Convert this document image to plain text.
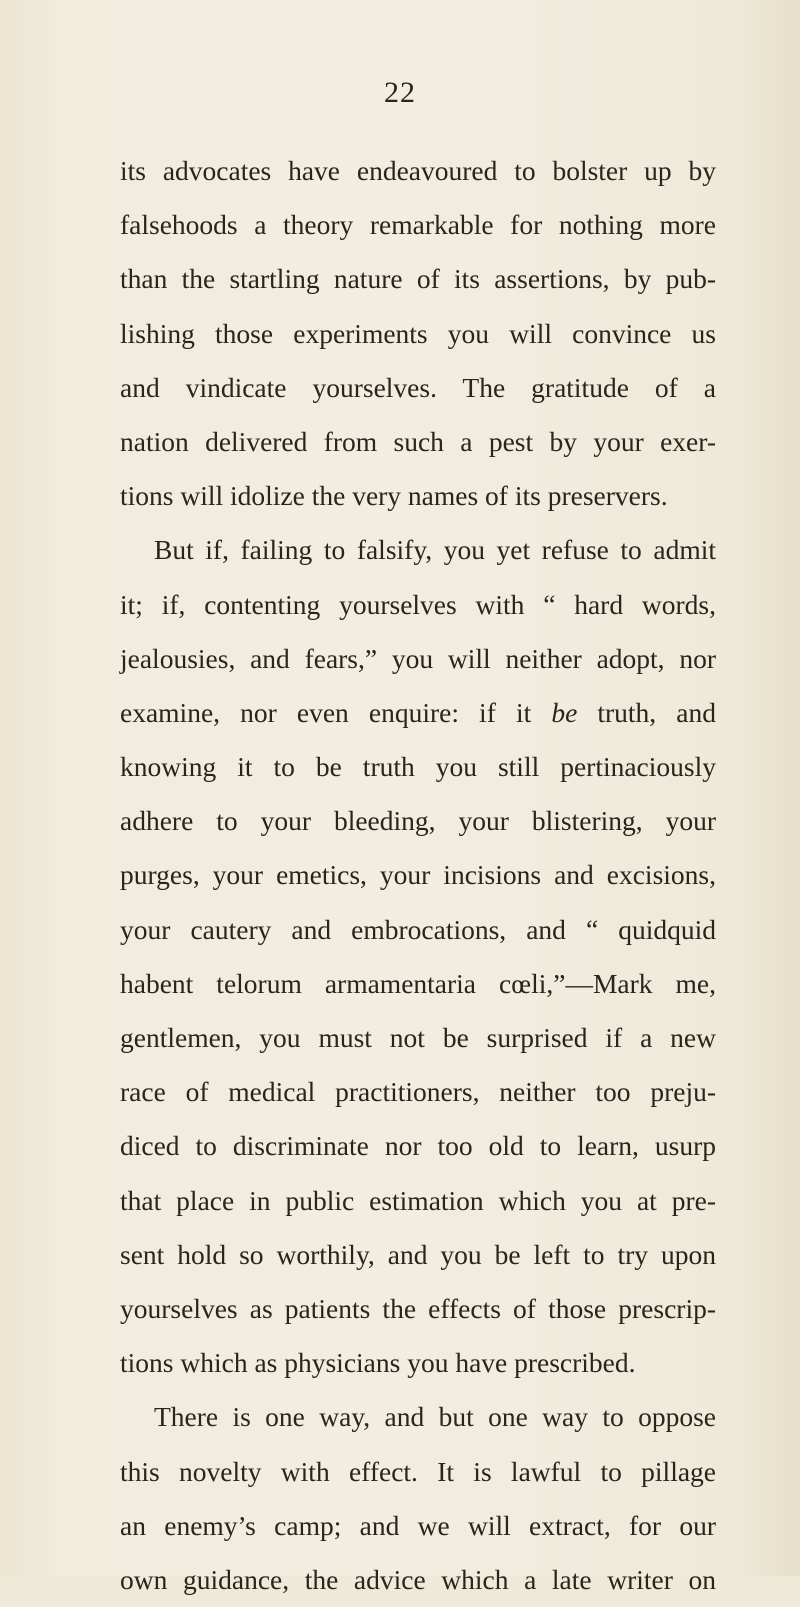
22
its advocates have endeavoured to bolster up by
falsehoods a theory remarkable for nothing more
than the startling nature of its assertions, by pub-
lishing those experiments you will convince us
and vindicate yourselves. The gratitude of a
nation delivered from such a pest by your exer-
tions will idolize the very names of its preservers.
But if, failing to falsify, you yet refuse to admit
it; if, contenting yourselves with “ hard words,
jealousies, and fears,” you will neither adopt, nor
examine, nor even enquire: if it be truth, and
knowing it to be truth you still pertinaciously
adhere to your bleeding, your blistering, your
purges, your emetics, your incisions and excisions,
your cautery and embrocations, and “ quidquid
habent telorum armamentaria cœli,”—Mark me,
gentlemen, you must not be surprised if a new
race of medical practitioners, neither too preju-
diced to discriminate nor too old to learn, usurp
that place in public estimation which you at pre-
sent hold so worthily, and you be left to try upon
yourselves as patients the effects of those prescrip-
tions which as physicians you have prescribed.
There is one way, and but one way to oppose
this novelty with effect. It is lawful to pillage
an enemy’s camp; and we will extract, for our
own guidance, the advice which a late writer on
